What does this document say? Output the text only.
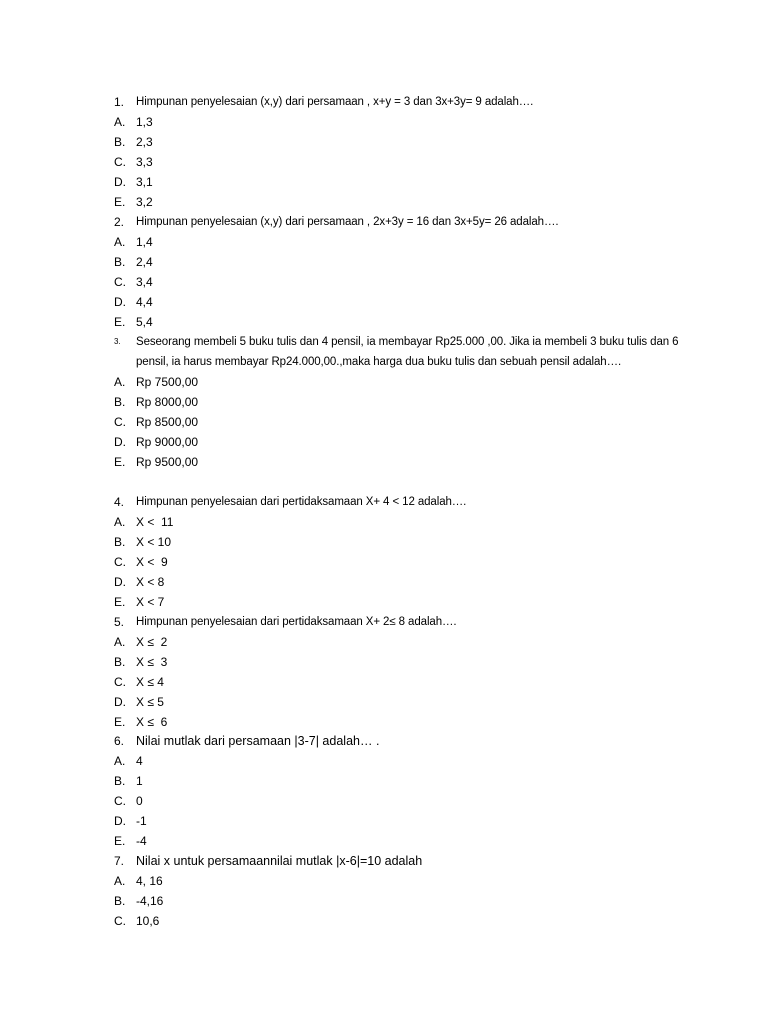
1.	Himpunan penyelesaian (x,y) dari persamaan , x+y = 3 dan 3x+3y= 9 adalah….
A. 1,3
B. 2,3
C. 3,3
D. 3,1
E. 3,2
2.	Himpunan penyelesaian (x,y) dari persamaan , 2x+3y = 16 dan 3x+5y= 26 adalah….
A. 1,4
B. 2,4
C. 3,4
D. 4,4
E. 5,4
3.	Seseorang membeli 5 buku tulis dan 4 pensil, ia membayar Rp25.000 ,00. Jika ia membeli 3 buku tulis dan 6 pensil, ia harus membayar Rp24.000,00.,maka harga dua buku tulis dan sebuah pensil adalah….
A. Rp 7500,00
B. Rp 8000,00
C. Rp 8500,00
D. Rp 9000,00
E. Rp 9500,00
4.	Himpunan penyelesaian dari pertidaksamaan X+ 4 < 12 adalah….
A. X <  11
B. X < 10
C. X <  9
D. X < 8
E. X < 7
5.	Himpunan penyelesaian dari pertidaksamaan X+ 2≤ 8 adalah….
A. X ≤  2
B. X ≤  3
C. X ≤ 4
D. X ≤ 5
E. X ≤  6
6. Nilai mutlak dari persamaan |3-7| adalah… .
A. 4
B. 1
C. 0
D. -1
E. -4
7. Nilai x untuk persamaannilai mutlak |x-6|=10 adalah
A. 4, 16
B. -4,16
C. 10,6
